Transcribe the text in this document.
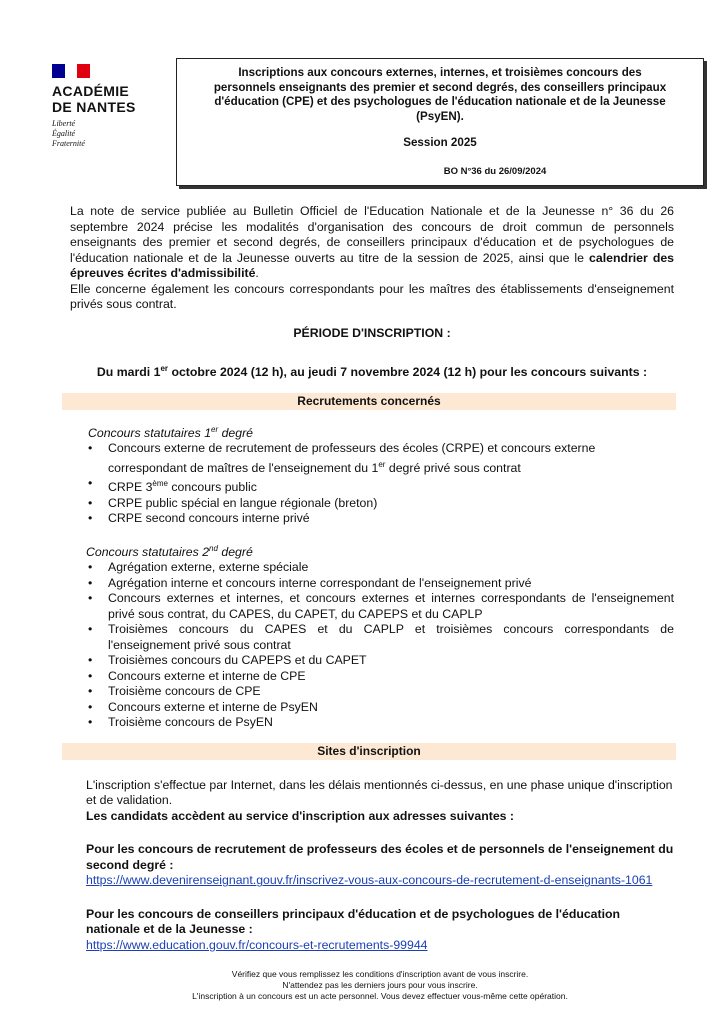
ACADÉMIE
DE NANTES
Liberté
Égalité
Fraternité
Inscriptions aux concours externes, internes, et troisièmes concours des personnels enseignants des premier et second degrés, des conseillers principaux d'éducation (CPE) et des psychologues de l'éducation nationale et de la Jeunesse (PsyEN).
Session 2025
BO N°36 du 26/09/2024

La note de service publiée au Bulletin Officiel de l'Education Nationale et de la Jeunesse n° 36 du 26 septembre 2024 précise les modalités d'organisation des concours de droit commun de personnels enseignants des premier et second degrés, de conseillers principaux d'éducation et de psychologues de l'éducation nationale et de la Jeunesse ouverts au titre de la session de 2025, ainsi que le calendrier des épreuves écrites d'admissibilité.

Elle concerne également les concours correspondants pour les maîtres des établissements d'enseignement privés sous contrat.

PÉRIODE D'INSCRIPTION :
Du mardi 1er octobre 2024 (12 h), au jeudi 7 novembre 2024 (12 h) pour les concours suivants :
Recrutements concernés
Concours statutaires 1er degré
• Concours externe de recrutement de professeurs des écoles (CRPE) et concours externe correspondant de maîtres de l'enseignement du 1er degré privé sous contrat
• CRPE 3ème concours public
• CRPE public spécial en langue régionale (breton)
• CRPE second concours interne privé
Concours statutaires 2nd degré
• Agrégation externe, externe spéciale
• Agrégation interne et concours interne correspondant de l'enseignement privé
• Concours externes et internes, et concours externes et internes correspondants de l'enseignement privé sous contrat, du CAPES, du CAPET, du CAPEPS et du CAPLP
• Troisièmes concours du CAPES et du CAPLP et troisièmes concours correspondants de l'enseignement privé sous contrat
• Troisièmes concours du CAPEPS et du CAPET
• Concours externe et interne de CPE
• Troisième concours de CPE
• Concours externe et interne de PsyEN
• Troisième concours de PsyEN
Sites d'inscription

L'inscription s'effectue par Internet, dans les délais mentionnés ci-dessus, en une phase unique d'inscription et de validation.

Les candidats accèdent au service d'inscription aux adresses suivantes :

Pour les concours de recrutement de professeurs des écoles et de personnels de l'enseignement du second degré :

https://www.devenirenseignant.gouv.fr/inscrivez-vous-aux-concours-de-recrutement-d-enseignants-1061

Pour les concours de conseillers principaux d'éducation et de psychologues de l'éducation nationale et de la Jeunesse :

https://www.education.gouv.fr/concours-et-recrutements-99944

Vérifiez que vous remplissez les conditions d'inscription avant de vous inscrire.
N'attendez pas les derniers jours pour vous inscrire.
L'inscription à un concours est un acte personnel. Vous devez effectuer vous-même cette opération.
